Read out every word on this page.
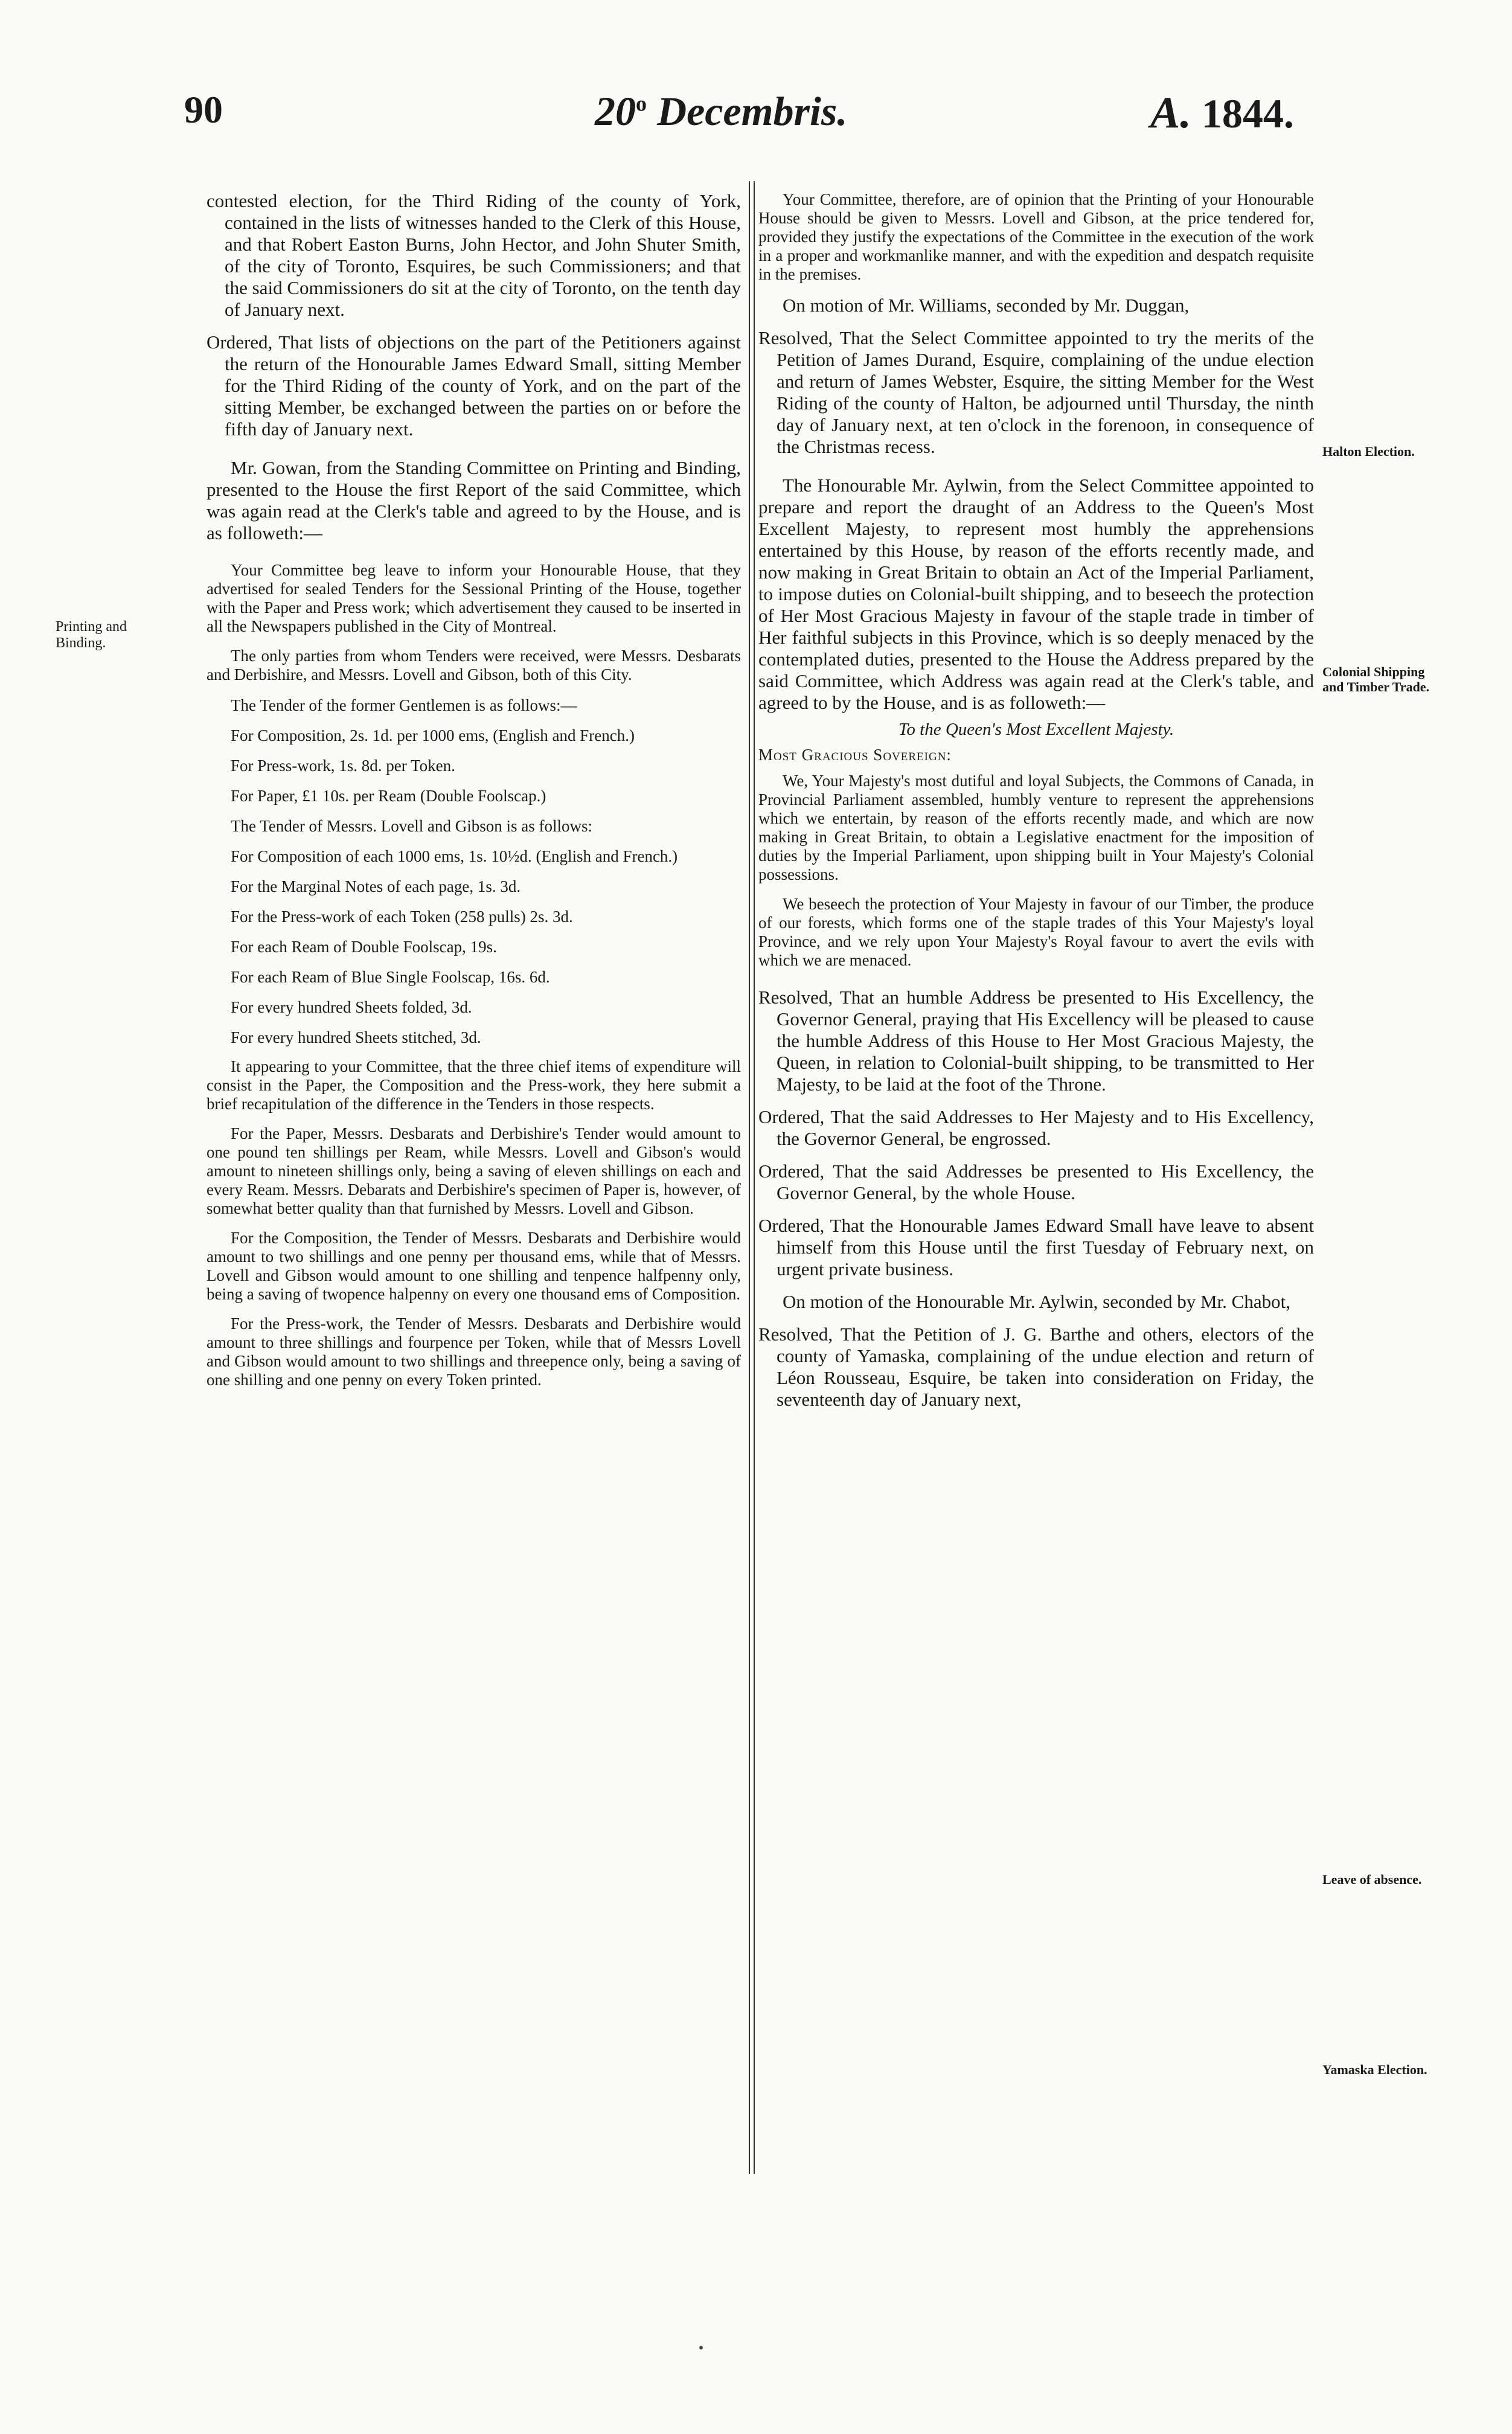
90	20$^o$ Decembris.	A. 1844.

contested election, for the Third Riding of the county of York, contained in the lists of witnesses handed to the Clerk of this House, and that Robert Easton Burns, John Hector, and John Shuter Smith, of the city of Toronto, Esquires, be such Commissioners; and that the said Commissioners do sit at the city of Toronto, on the tenth day of January next.

Ordered, That lists of objections on the part of the Petitioners against the return of the Honourable James Edward Small, sitting Member for the Third Riding of the county of York, and on the part of the sitting Member, be exchanged between the parties on or before the fifth day of January next.

Mr. Gowan, from the Standing Committee on Printing and Binding, presented to the House the first Report of the said Committee, which was again read at the Clerk's table and agreed to by the House, and is as followeth:—

Your Committee beg leave to inform your Honourable House, that they advertised for sealed Tenders for the Sessional Printing of the House, together with the Paper and Press work; which advertisement they caused to be inserted in all the Newspapers published in the City of Montreal.

The only parties from whom Tenders were received, were Messrs. Desbarats and Derbishire, and Messrs. Lovell and Gibson, both of this City.

The Tender of the former Gentlemen is as follows:—

For Composition, 2s. 1d. per 1000 ems, (English and French.)

For Press-work, 1s. 8d. per Token.

For Paper, £1 10s. per Ream (Double Foolscap.)

The Tender of Messrs. Lovell and Gibson is as follows:

For Composition of each 1000 ems, 1s. 10½d. (English and French.)

For the Marginal Notes of each page, 1s. 3d.

For the Press-work of each Token (258 pulls) 2s. 3d.

For each Ream of Double Foolscap, 19s.

For each Ream of Blue Single Foolscap, 16s. 6d.

For every hundred Sheets folded, 3d.

For every hundred Sheets stitched, 3d.

It appearing to your Committee, that the three chief items of expenditure will consist in the Paper, the Composition and the Press-work, they here submit a brief recapitulation of the difference in the Tenders in those respects.

For the Paper, Messrs. Desbarats and Derbishire's Tender would amount to one pound ten shillings per Ream, while Messrs. Lovell and Gibson's would amount to nineteen shillings only, being a saving of eleven shillings on each and every Ream. Messrs. Debarats and Derbishire's specimen of Paper is, however, of somewhat better quality than that furnished by Messrs. Lovell and Gibson.

For the Composition, the Tender of Messrs. Desbarats and Derbishire would amount to two shillings and one penny per thousand ems, while that of Messrs. Lovell and Gibson would amount to one shilling and tenpence halfpenny only, being a saving of twopence halpenny on every one thousand ems of Composition.

For the Press-work, the Tender of Messrs. Desbarats and Derbishire would amount to three shillings and fourpence per Token, while that of Messrs Lovell and Gibson would amount to two shillings and threepence only, being a saving of one shilling and one penny on every Token printed.

Your Committee, therefore, are of opinion that the Printing of your Honourable House should be given to Messrs. Lovell and Gibson, at the price tendered for, provided they justify the expectations of the Committee in the execution of the work in a proper and workmanlike manner, and with the expedition and despatch requisite in the premises.

On motion of Mr. Williams, seconded by Mr. Duggan,

Resolved, That the Select Committee appointed to try the merits of the Petition of James Durand, Esquire, complaining of the undue election and return of James Webster, Esquire, the sitting Member for the West Riding of the county of Halton, be adjourned until Thursday, the ninth day of January next, at ten o'clock in the forenoon, in consequence of the Christmas recess.

The Honourable Mr. Aylwin, from the Select Committee appointed to prepare and report the draught of an Address to the Queen's Most Excellent Majesty, to represent most humbly the apprehensions entertained by this House, by reason of the efforts recently made, and now making in Great Britain to obtain an Act of the Imperial Parliament, to impose duties on Colonial-built shipping, and to beseech the protection of Her Most Gracious Majesty in favour of the staple trade in timber of Her faithful subjects in this Province, which is so deeply menaced by the contemplated duties, presented to the House the Address prepared by the said Committee, which Address was again read at the Clerk's table, and agreed to by the House, and is as followeth:—

To the Queen's Most Excellent Majesty.

Most Gracious Sovereign:

We, Your Majesty's most dutiful and loyal Subjects, the Commons of Canada, in Provincial Parliament assembled, humbly venture to represent the apprehensions which we entertain, by reason of the efforts recently made, and which are now making in Great Britain, to obtain a Legislative enactment for the imposition of duties by the Imperial Parliament, upon shipping built in Your Majesty's Colonial possessions.

We beseech the protection of Your Majesty in favour of our Timber, the produce of our forests, which forms one of the staple trades of this Your Majesty's loyal Province, and we rely upon Your Majesty's Royal favour to avert the evils with which we are menaced.

Resolved, That an humble Address be presented to His Excellency, the Governor General, praying that His Excellency will be pleased to cause the humble Address of this House to Her Most Gracious Majesty, the Queen, in relation to Colonial-built shipping, to be transmitted to Her Majesty, to be laid at the foot of the Throne.

Ordered, That the said Addresses to Her Majesty and to His Excellency, the Governor General, be engrossed.

Ordered, That the said Addresses be presented to His Excellency, the Governor General, by the whole House.

Ordered, That the Honourable James Edward Small have leave to absent himself from this House until the first Tuesday of February next, on urgent private business.

On motion of the Honourable Mr. Aylwin, seconded by Mr. Chabot,

Resolved, That the Petition of J. G. Barthe and others, electors of the county of Yamaska, complaining of the undue election and return of Léon Rousseau, Esquire, be taken into consideration on Friday, the seventeenth day of January next,

Printing and Binding.
Halton Election.
Colonial Shipping and Timber Trade.
Leave of absence.
Yamaska Election.
